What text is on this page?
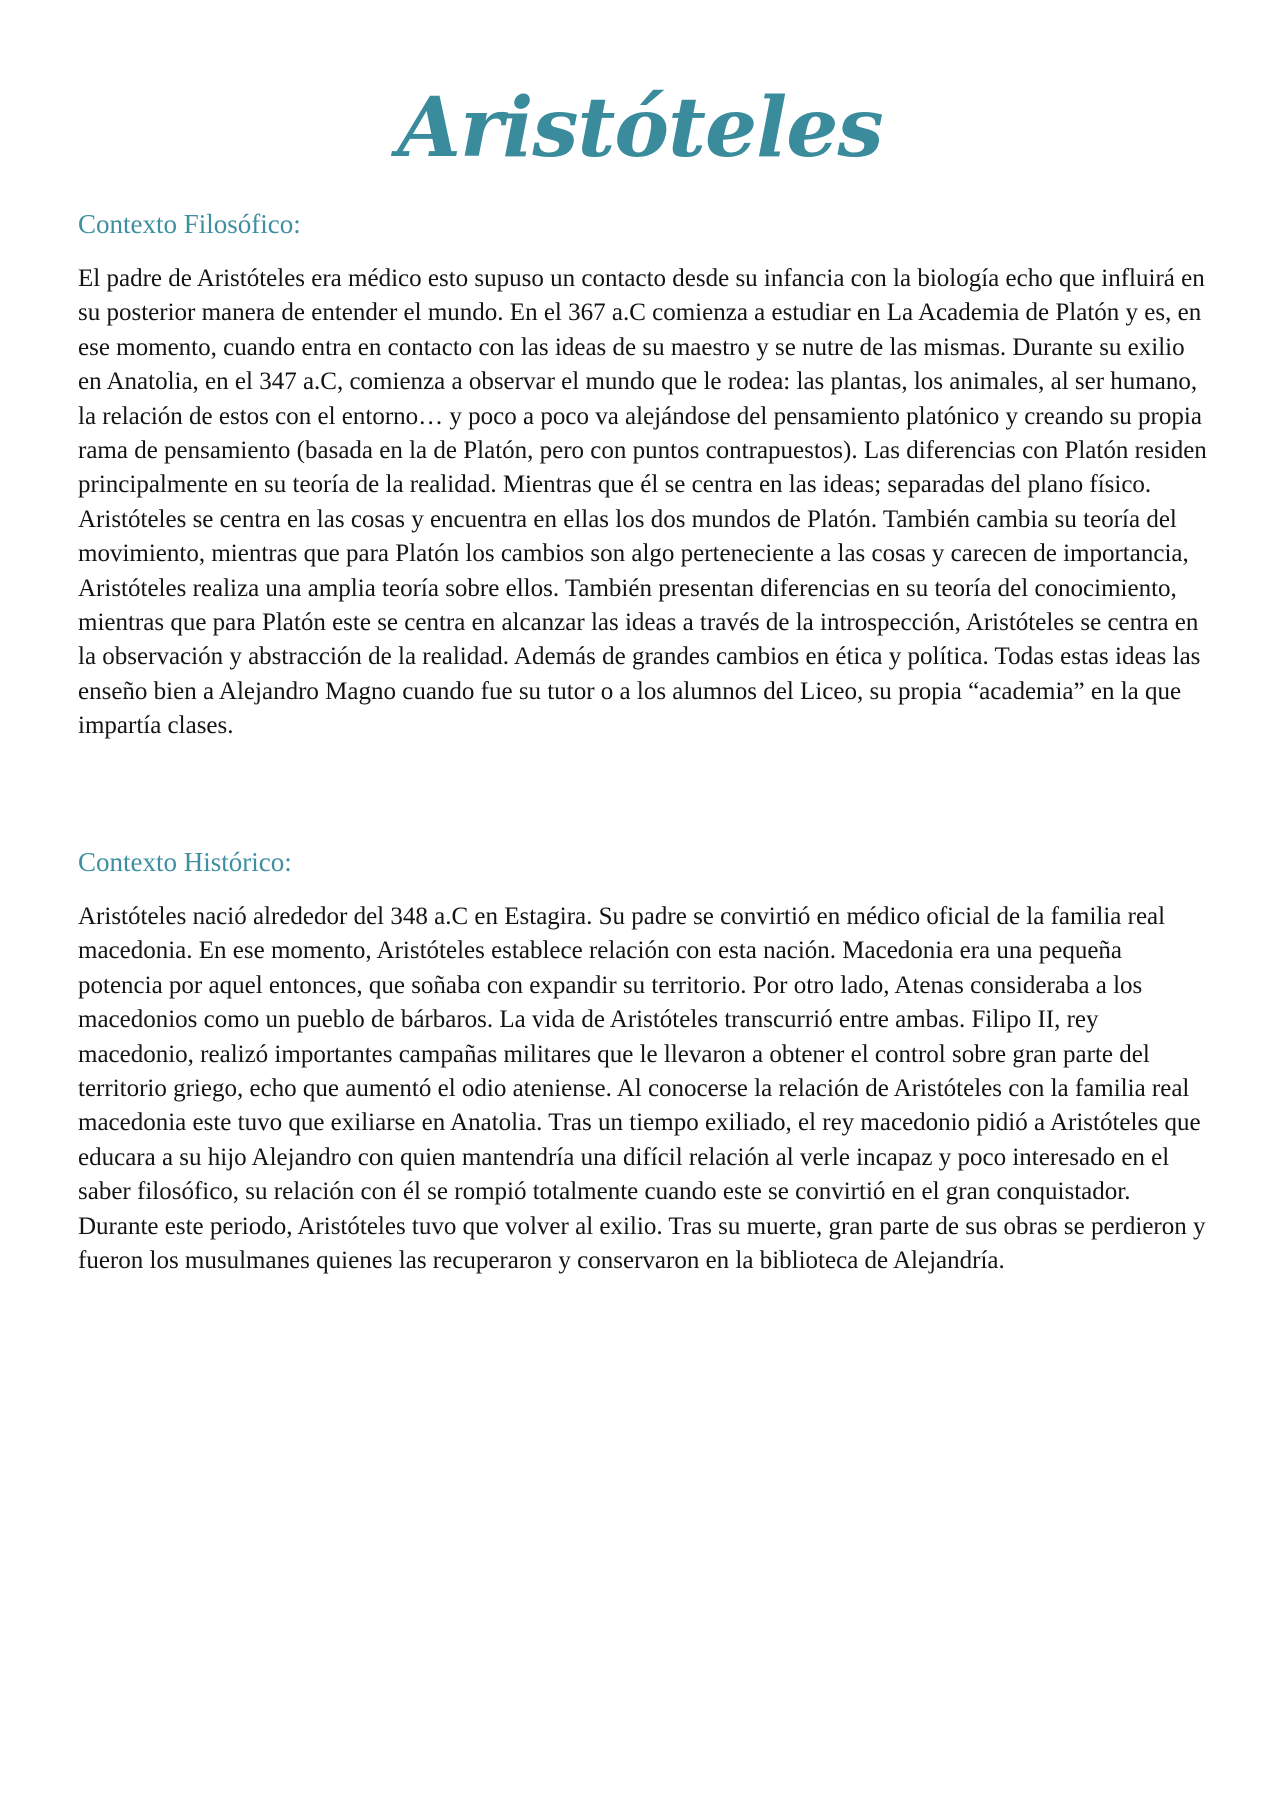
Aristóteles
Contexto Filosófico:

El padre de Aristóteles era médico esto supuso un contacto desde su infancia con la biología echo que influirá en su posterior manera de entender el mundo. En el 367 a.C comienza a estudiar en La Academia de Platón y es, en ese momento, cuando entra en contacto con las ideas de su maestro y se nutre de las mismas. Durante su exilio en Anatolia, en el 347 a.C, comienza a observar el mundo que le rodea: las plantas, los animales, al ser humano, la relación de estos con el entorno… y poco a poco va alejándose del pensamiento platónico y creando su propia rama de pensamiento (basada en la de Platón, pero con puntos contrapuestos). Las diferencias con Platón residen principalmente en su teoría de la realidad. Mientras que él se centra en las ideas; separadas del plano físico. Aristóteles se centra en las cosas y encuentra en ellas los dos mundos de Platón. También cambia su teoría del movimiento, mientras que para Platón los cambios son algo perteneciente a las cosas y carecen de importancia, Aristóteles realiza una amplia teoría sobre ellos. También presentan diferencias en su teoría del conocimiento, mientras que para Platón este se centra en alcanzar las ideas a través de la introspección, Aristóteles se centra en la observación y abstracción de la realidad. Además de grandes cambios en ética y política. Todas estas ideas las enseño bien a Alejandro Magno cuando fue su tutor o a los alumnos del Liceo, su propia “academia” en la que impartía clases.

Contexto Histórico:

Aristóteles nació alrededor del 348 a.C en Estagira. Su padre se convirtió en médico oficial de la familia real macedonia. En ese momento, Aristóteles establece relación con esta nación. Macedonia era una pequeña potencia por aquel entonces, que soñaba con expandir su territorio. Por otro lado, Atenas consideraba a los macedonios como un pueblo de bárbaros. La vida de Aristóteles transcurrió entre ambas. Filipo II, rey macedonio, realizó importantes campañas militares que le llevaron a obtener el control sobre gran parte del territorio griego, echo que aumentó el odio ateniense. Al conocerse la relación de Aristóteles con la familia real macedonia este tuvo que exiliarse en Anatolia. Tras un tiempo exiliado, el rey macedonio pidió a Aristóteles que educara a su hijo Alejandro con quien mantendría una difícil relación al verle incapaz y poco interesado en el saber filosófico, su relación con él se rompió totalmente cuando este se convirtió en el gran conquistador. Durante este periodo, Aristóteles tuvo que volver al exilio. Tras su muerte, gran parte de sus obras se perdieron y fueron los musulmanes quienes las recuperaron y conservaron en la biblioteca de Alejandría.
